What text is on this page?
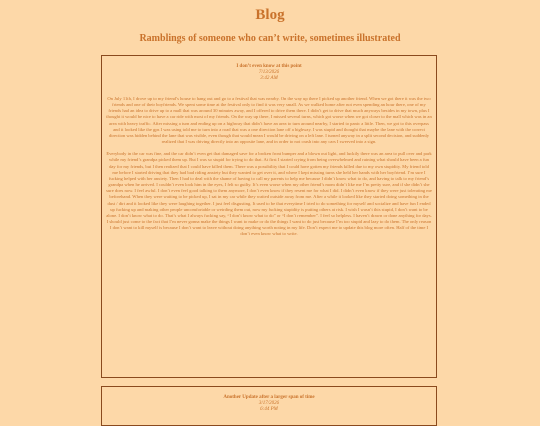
Blog
Ramblings of someone who can’t write, sometimes illustrated
I don’t even know at this point
7/13/2026
3:42 AM

On July 11th, I drove up to my friend’s house to hang out and go to a festival that was nearby. On the way up there I picked up another friend. When we got there it was the two friends and one of their boyfriends. We spent some time at the festival only to find it was very small. As we walked home after not even spending an hour there, one of my friends had an idea to drive up to a mall that was around 30 minutes away, and I offered to drive them there. I didn’t get to drive that much anyways besides in my town, plus I thought it would be nice to have a car ride with most of my friends. On the way up there, I missed several turns, which got worse when we got closer to the mall which was in an area with heavy traffic. After missing a turn and ending up on a highway that didn’t have an area to turn around nearby, I started to panic a little. Then, we got to this overpass and it looked like the gps I was using told me to turn into a road that was a one direction lane off a highway. I was stupid and thought that maybe the lane with the correct direction was hidden behind the lane that was visible, even though that would mean I would be driving on a left lane. I turned anyway in a split second decision, and suddenly realized that I was driving directly into an opposite lane, and in order to not crash into any cars I swerved into a sign.

Everybody in the car was fine, and the car didn’t even get that damaged save for a broken front bumper and a blown out light, and luckily there was an area to pull over and park while my friend’s grandpa picked them up. But I was so stupid for trying to do that. At first I started crying from being overwhelmed and ruining what should have been a fun day for my friends, but I then realized that I could have killed them. There was a possibility that I could have gotten my friends killed due to my own stupidity. My friend told me before I started driving that they had bad riding anxiety but they wanted to get over it, and where I kept missing turns she held her hands with her boyfriend. I’m sure I fucking helped with her anxiety. Then I had to deal with the shame of having to call my parents to help me because I didn’t know what to do, and having to talk to my friend’s grandpa when he arrived. I couldn’t even look him in the eyes, I felt so guilty. It’s even worse when my other friend’s mom didn’t like me I’m pretty sure, and if she didn’t she sure does now. I feel awful. I don’t even feel good talking to them anymore, I don’t even know if they resent me for what I did. I didn’t even know if they were just tolerating me beforehand. When they were waiting to be picked up, I sat in my car while they waited outside away from me. After a while it looked like they started doing something in the dust / dirt and it looked like they were laughing together. I just feel disgusting. It used to be that everytime I tried to do something for myself and socialize and have fun I ended up fucking up and making other people uncomfortable or weirding them out, now my fucking stupidity is putting others at risk. I wish I wasn’t this stupid, I don’t want to be alone. I don’t know what to do. That’s what I always fucking say, “I don’t know what to do” or “I don’t remember”. I feel so helpless. I haven’t drawn or done anything for days. I should just come to the fact that I’m never gonna make the things I want to make or do the things I want to do just because I’m too stupid and lazy to do them. The only reason I don’t want to kill myself is because I don’t want to leave without doing anything worth noting in my life. Don’t expect me to update this blog more often. Half of the time I don’t even know what to write.

Another Update after a larger span of time
3/17/2026
6:44 PM
